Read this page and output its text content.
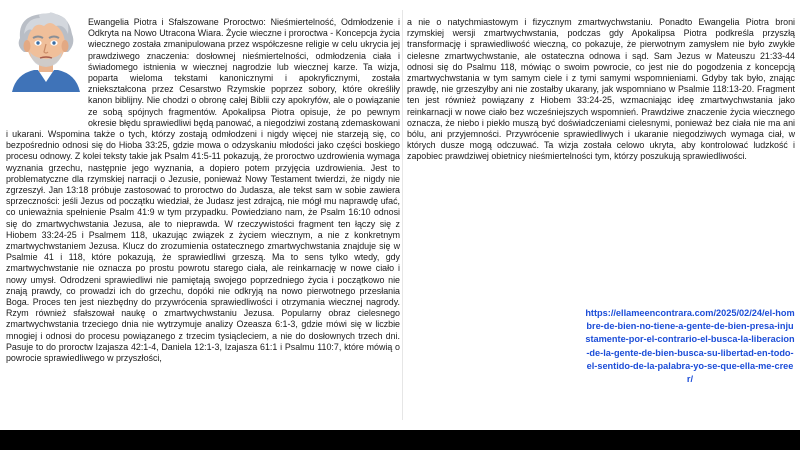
Ewangelia Piotra i Sfałszowane Proroctwo: Nieśmiertelność, Odmłodzenie i Odkryta na Nowo Utracona Wiara. Życie wieczne i proroctwa - Koncepcja życia wiecznego została zmanipulowana przez współczesne religie w celu ukrycia jej prawdziwego znaczenia: dosłownej nieśmiertelności, odmłodzenia ciała i świadomego istnienia w wiecznej nagrodzie lub wiecznej karze. Ta wizja, poparta wieloma tekstami kanonicznymi i apokryficznymi, została zniekształcona przez Cesarstwo Rzymskie poprzez sobory, które określiły kanon biblijny. Nie chodzi o obronę całej Biblii czy apokryfów, ale o powiązanie ze sobą spójnych fragmentów. Apokalipsa Piotra opisuje, że po pewnym okresie błędu sprawiedliwi będą panować, a niegodziwi zostaną zdemaskowani i ukarani. Wspomina także o tych, którzy zostają odmłodzeni i nigdy więcej nie starzeją się, co bezpośrednio odnosi się do Hioba 33:25, gdzie mowa o odzyskaniu młodości jako części boskiego procesu odnowy. Z kolei teksty takie jak Psalm 41:5-11 pokazują, że proroctwo uzdrowienia wymaga wyznania grzechu, następnie jego wyznania, a dopiero potem przyjęcia uzdrowienia. Jest to problematyczne dla rzymskiej narracji o Jezusie, ponieważ Nowy Testament twierdzi, że nigdy nie zgrzeszył. Jan 13:18 próbuje zastosować to proroctwo do Judasza, ale tekst sam w sobie zawiera sprzeczności: jeśli Jezus od początku wiedział, że Judasz jest zdrajcą, nie mógł mu naprawdę ufać, co unieważnia spełnienie Psalm 41:9 w tym przypadku. Powiedziano nam, że Psalm 16:10 odnosi się do zmartwychwstania Jezusa, ale to nieprawda. W rzeczywistości fragment ten łączy się z Hiobem 33:24-25 i Psalmem 118, ukazując związek z życiem wiecznym, a nie z konkretnym zmartwychwstaniem Jezusa. Klucz do zrozumienia ostatecznego zmartwychwstania znajduje się w Psalmie 41 i 118, które pokazują, że sprawiedliwi grzeszą. Ma to sens tylko wtedy, gdy zmartwychwstanie nie oznacza po prostu powrotu starego ciała, ale reinkarnację w nowe ciało i nowy umysł. Odrodzeni sprawiedliwi nie pamiętają swojego poprzedniego życia i początkowo nie znają prawdy, co prowadzi ich do grzechu, dopóki nie odkryją na nowo pierwotnego przesłania Boga. Proces ten jest niezbędny do przywrócenia sprawiedliwości i otrzymania wiecznej nagrody. Rzym również sfałszował naukę o zmartwychwstaniu Jezusa. Popularny obraz cielesnego zmartwychwstania trzeciego dnia nie wytrzymuje analizy Ozeasza 6:1-3, gdzie mówi się w liczbie mnogiej i odnosi do procesu powiązanego z trzecim tysiącleciem, a nie do dosłownych trzech dni. Pasuje to do proroctw Izajasza 42:1-4, Daniela 12:1-3, Izajasza 61:1 i Psalmu 110:7, które mówią o powrocie sprawiedliwego w przyszłości,

a nie o natychmiastowym i fizycznym zmartwychwstaniu. Ponadto Ewangelia Piotra broni rzymskiej wersji zmartwychwstania, podczas gdy Apokalipsa Piotra podkreśla przyszłą transformację i sprawiedliwość wieczną, co pokazuje, że pierwotnym zamysłem nie było zwykłe cielesne zmartwychwstanie, ale ostateczna odnowa i sąd. Sam Jezus w Mateuszu 21:33-44 odnosi się do Psalmu 118, mówiąc o swoim powrocie, co jest nie do pogodzenia z koncepcją zmartwychwstania w tym samym ciele i z tymi samymi wspomnieniami. Gdyby tak było, znając prawdę, nie grzeszyłby ani nie zostałby ukarany, jak wspomniano w Psalmie 118:13-20. Fragment ten jest również powiązany z Hiobem 33:24-25, wzmacniając ideę zmartwychwstania jako reinkarnacji w nowe ciało bez wcześniejszych wspomnień. Prawdziwe znaczenie życia wiecznego oznacza, że niebo i piekło muszą być doświadczeniami cielesnymi, ponieważ bez ciała nie ma ani bólu, ani przyjemności. Przywrócenie sprawiedliwych i ukaranie niegodziwych wymaga ciał, w których dusze mogą odczuwać. Ta wizja została celowo ukryta, aby kontrolować ludzkość i zapobiec prawdziwej obietnicy nieśmiertelności tym, którzy poszukują sprawiedliwości.

https://ellameencontrara.com/2025/02/24/el-hombre-de-bien-no-tiene-a-gente-de-bien-presa-injustamente-por-el-contrario-el-busca-la-liberacion-de-la-gente-de-bien-busca-su-libertad-en-todo-el-sentido-de-la-palabra-yo-se-que-ella-me-creer/
